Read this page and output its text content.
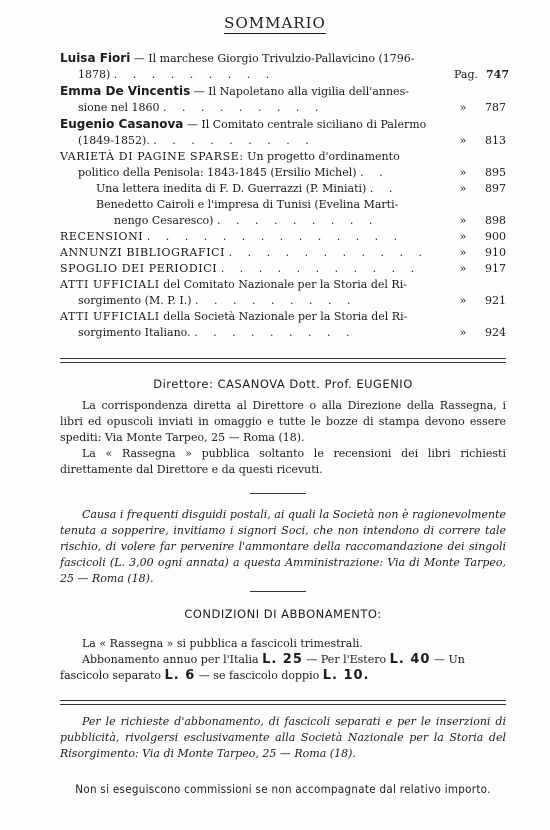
SOMMARIO
Luisa Fiori — Il marchese Giorgio Trivulzio-Pallavicino (1796-
1878) . . . . . . . . .	Pag. 747
Emma De Vincentis — Il Napoletano alla vigilia dell'annes-
sione nel 1860 . . . . . . . . .	»	787
Eugenio Casanova — Il Comitato centrale siciliano di Palermo
(1849-1852). . . . . . . . . .	»	813
VARIETÀ DI PAGINE SPARSE: Un progetto d'ordinamento
politico della Penisola: 1843-1845 (Ersilio Michel) . .	»	895
Una lettera inedita di F. D. Guerrazzi (P. Miniati) . .	»	897
Benedetto Cairoli e l'impresa di Tunisi (Evelina Marti-
nengo Cesaresco) . . . . . . . . .	»	898
RECENSIONI . . . . . . . . . . . . . .	»	900
ANNUNZI BIBLIOGRAFICI . . . . . . . . . . .	»	910
SPOGLIO DEI PERIODICI . . . . . . . . . . .	»	917
ATTI UFFICIALI del Comitato Nazionale per la Storia del Ri-
sorgimento (M. P. I.) . . . . . . . . .	»	921
ATTI UFFICIALI della Società Nazionale per la Storia del Ri-
sorgimento Italiano. . . . . . . . . .	»	924
Direttore: CASANOVA Dott. Prof. EUGENIO
La corrispondenza diretta al Direttore o alla Direzione della Rassegna, i libri ed opuscoli inviati in omaggio e tutte le bozze di stampa devono essere spediti: Via Monte Tarpeo, 25 — Roma (18).
La « Rassegna » pubblica soltanto le recensioni dei libri richiesti direttamente dal Direttore e da questi ricevuti.
Causa i frequenti disguidi postali, ai quali la Società non è ragionevolmente tenuta a sopperire, invitiamo i signori Soci, che non intendono di correre tale rischio, di volere far pervenire l'ammontare della raccomandazione dei singoli fascicoli (L. 3,00 ogni annata) a questa Amministrazione: Via di Monte Tarpeo, 25 — Roma (18).
CONDIZIONI DI ABBONAMENTO:
La « Rassegna » si pubblica a fascicoli trimestrali.
Abbonamento annuo per l'Italia L. 25 — Per l'Estero L. 40 — Un
fascicolo separato L. 6 — se fascicolo doppio L. 10.
Per le richieste d'abbonamento, di fascicoli separati e per le inserzioni di pubblicità, rivolgersi esclusivamente alla Società Nazionale per la Storia del Risorgimento: Via di Monte Tarpeo, 25 — Roma (18).
Non si eseguiscono commissioni se non accompagnate dal relativo importo.
